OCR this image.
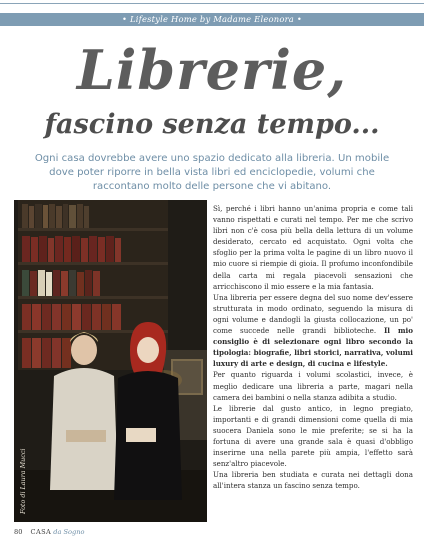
• Lifestyle Home by Madame Eleonora •
Librerie,
fascino senza tempo...

Ogni casa dovrebbe avere uno spazio dedicato alla libreria. Un mobile dove poter riporre in bella vista libri ed enciclopedie, volumi che raccontano molto delle persone che vi abitano.

Foto di Laura Mucci

Sì, perché i libri hanno un'anima propria e come tali vanno rispettati e curati nel tempo. Per me che scrivo libri non c'è cosa più bella della lettura di un volume desiderato, cercato ed acquistato. Ogni volta che sfoglio per la prima volta le pagine di un libro nuovo il mio cuore si riempie di gioia. Il profumo inconfondibile della carta mi regala piacevoli sensazioni che arricchiscono il mio essere e la mia fantasia.

Una libreria per essere degna del suo nome dev'essere strutturata in modo ordinato, seguendo la misura di ogni volume e dandogli la giusta collocazione, un po' come succede nelle grandi biblioteche. Il mio consiglio è di selezionare ogni libro secondo la tipologia: biografie, libri storici, narrativa, volumi luxury di arte e design, di cucina e lifestyle.

Per quanto riguarda i volumi scolastici, invece, è meglio dedicare una libreria a parte, magari nella camera dei bambini o nella stanza adibita a studio.

Le librerie dal gusto antico, in legno pregiato, importanti e di grandi dimensioni come quella di mia suocera Daniela sono le mie preferite; se si ha la fortuna di avere una grande sala è quasi d'obbligo inserirne una nella parete più ampia, l'effetto sarà senz'altro piacevole.

Una libreria ben studiata e curata nei dettagli dona all'intera stanza un fascino senza tempo.

80 CASA da Sogno
